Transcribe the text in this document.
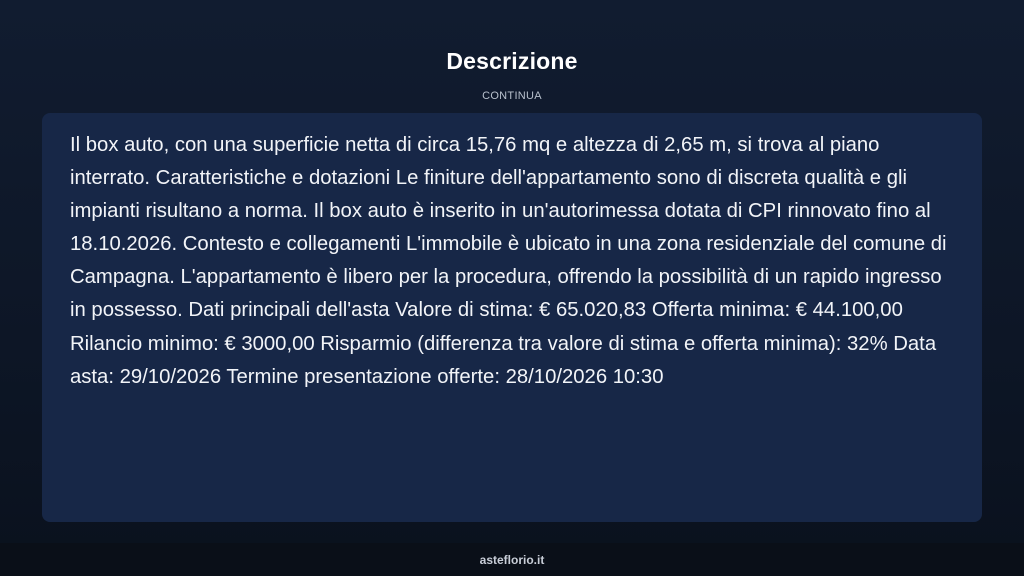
Descrizione
CONTINUA

Il box auto, con una superficie netta di circa 15,76 mq e altezza di 2,65 m, si trova al piano interrato. Caratteristiche e dotazioni Le finiture dell'appartamento sono di discreta qualità e gli impianti risultano a norma. Il box auto è inserito in un'autorimessa dotata di CPI rinnovato fino al 18.10.2026. Contesto e collegamenti L'immobile è ubicato in una zona residenziale del comune di Campagna. L'appartamento è libero per la procedura, offrendo la possibilità di un rapido ingresso in possesso. Dati principali dell'asta Valore di stima: € 65.020,83 Offerta minima: € 44.100,00 Rilancio minimo: € 3000,00 Risparmio (differenza tra valore di stima e offerta minima): 32% Data asta: 29/10/2026 Termine presentazione offerte: 28/10/2026 10:30

asteflorio.it
